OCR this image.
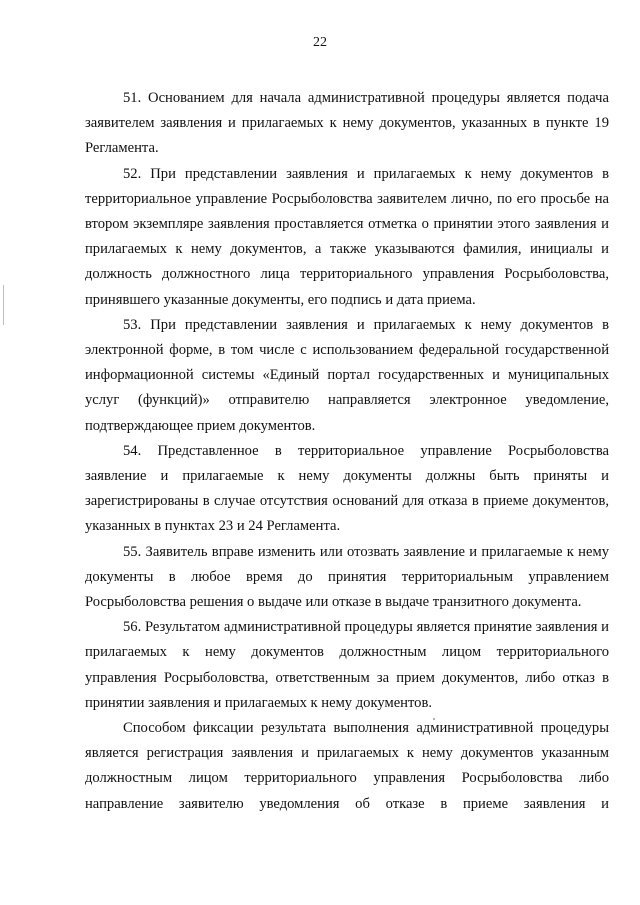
22

51. Основанием для начала административной процедуры является подача заявителем заявления и прилагаемых к нему документов, указанных в пункте 19 Регламента.

52. При представлении заявления и прилагаемых к нему документов в территориальное управление Росрыболовства заявителем лично, по его просьбе на втором экземпляре заявления проставляется отметка о принятии этого заявления и прилагаемых к нему документов, а также указываются фамилия, инициалы и должность должностного лица территориального управления Росрыболовства, принявшего указанные документы, его подпись и дата приема.

53. При представлении заявления и прилагаемых к нему документов в электронной форме, в том числе с использованием федеральной государственной информационной системы «Единый портал государственных и муниципальных услуг (функций)» отправителю направляется электронное уведомление, подтверждающее прием документов.

54. Представленное в территориальное управление Росрыболовства заявление и прилагаемые к нему документы должны быть приняты и зарегистрированы в случае отсутствия оснований для отказа в приеме документов, указанных в пунктах 23 и 24 Регламента.

55. Заявитель вправе изменить или отозвать заявление и прилагаемые к нему документы в любое время до принятия территориальным управлением Росрыболовства решения о выдаче или отказе в выдаче транзитного документа.

56. Результатом административной процедуры является принятие заявления и прилагаемых к нему документов должностным лицом территориального управления Росрыболовства, ответственным за прием документов, либо отказ в принятии заявления и прилагаемых к нему документов.

Способом фиксации результата выполнения административной процедуры является регистрация заявления и прилагаемых к нему документов указанным должностным лицом территориального управления Росрыболовства либо направление заявителю уведомления об отказе в приеме заявления и
